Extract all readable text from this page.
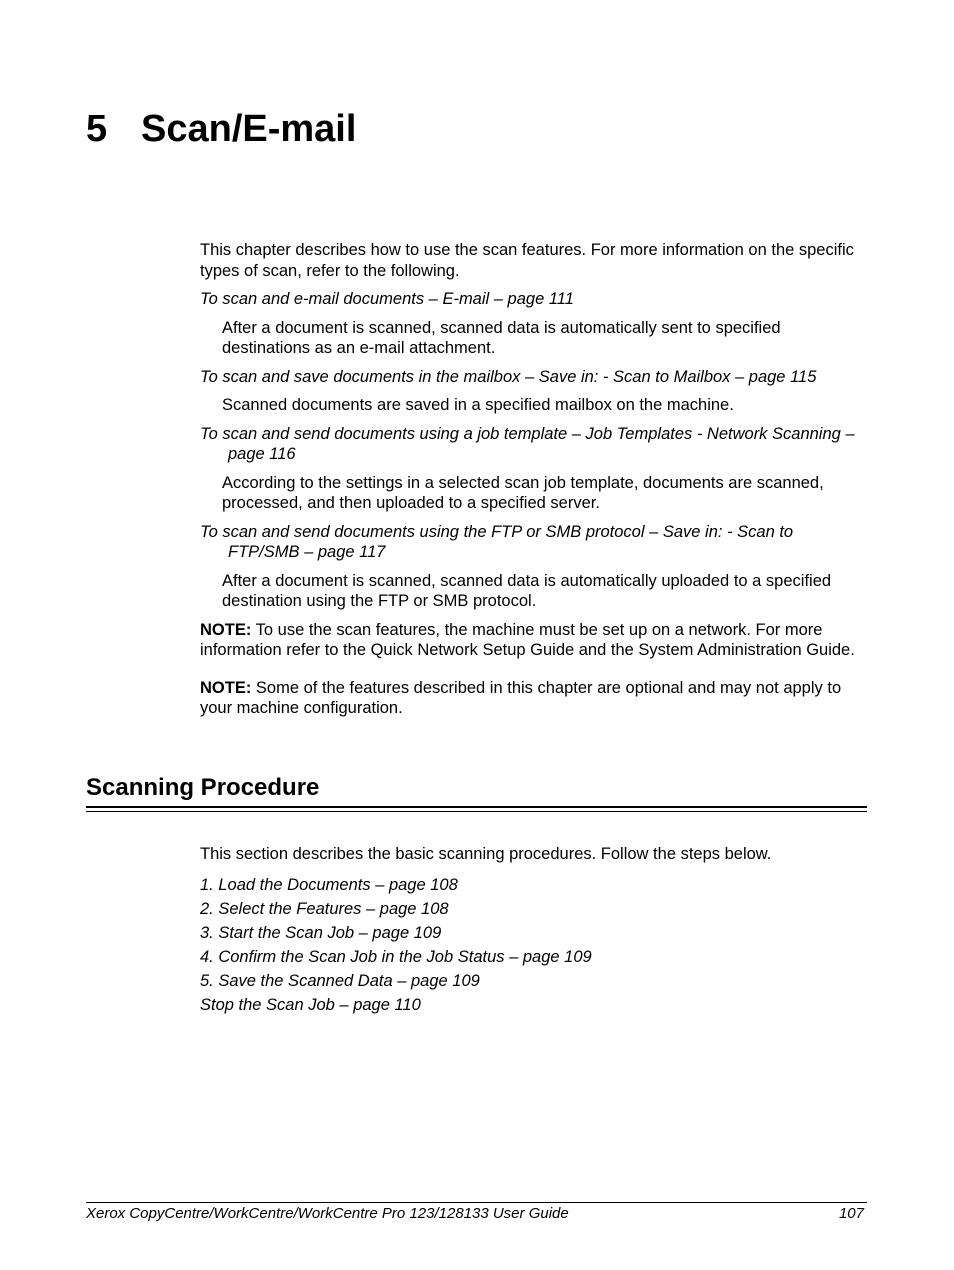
5 Scan/E-mail

This chapter describes how to use the scan features. For more information on the specific types of scan, refer to the following.

To scan and e-mail documents – E-mail – page 111

After a document is scanned, scanned data is automatically sent to specified destinations as an e-mail attachment.

To scan and save documents in the mailbox – Save in: - Scan to Mailbox – page 115

Scanned documents are saved in a specified mailbox on the machine.

To scan and send documents using a job template – Job Templates - Network Scanning – page 116

According to the settings in a selected scan job template, documents are scanned, processed, and then uploaded to a specified server.

To scan and send documents using the FTP or SMB protocol – Save in: - Scan to FTP/SMB – page 117

After a document is scanned, scanned data is automatically uploaded to a specified destination using the FTP or SMB protocol.

NOTE: To use the scan features, the machine must be set up on a network. For more information refer to the Quick Network Setup Guide and the System Administration Guide.

NOTE: Some of the features described in this chapter are optional and may not apply to your machine configuration.

Scanning Procedure

This section describes the basic scanning procedures. Follow the steps below.

1. Load the Documents – page 108
2. Select the Features – page 108
3. Start the Scan Job – page 109
4. Confirm the Scan Job in the Job Status – page 109
5. Save the Scanned Data – page 109
Stop the Scan Job – page 110
Xerox CopyCentre/WorkCentre/WorkCentre Pro 123/128133 User Guide	107
